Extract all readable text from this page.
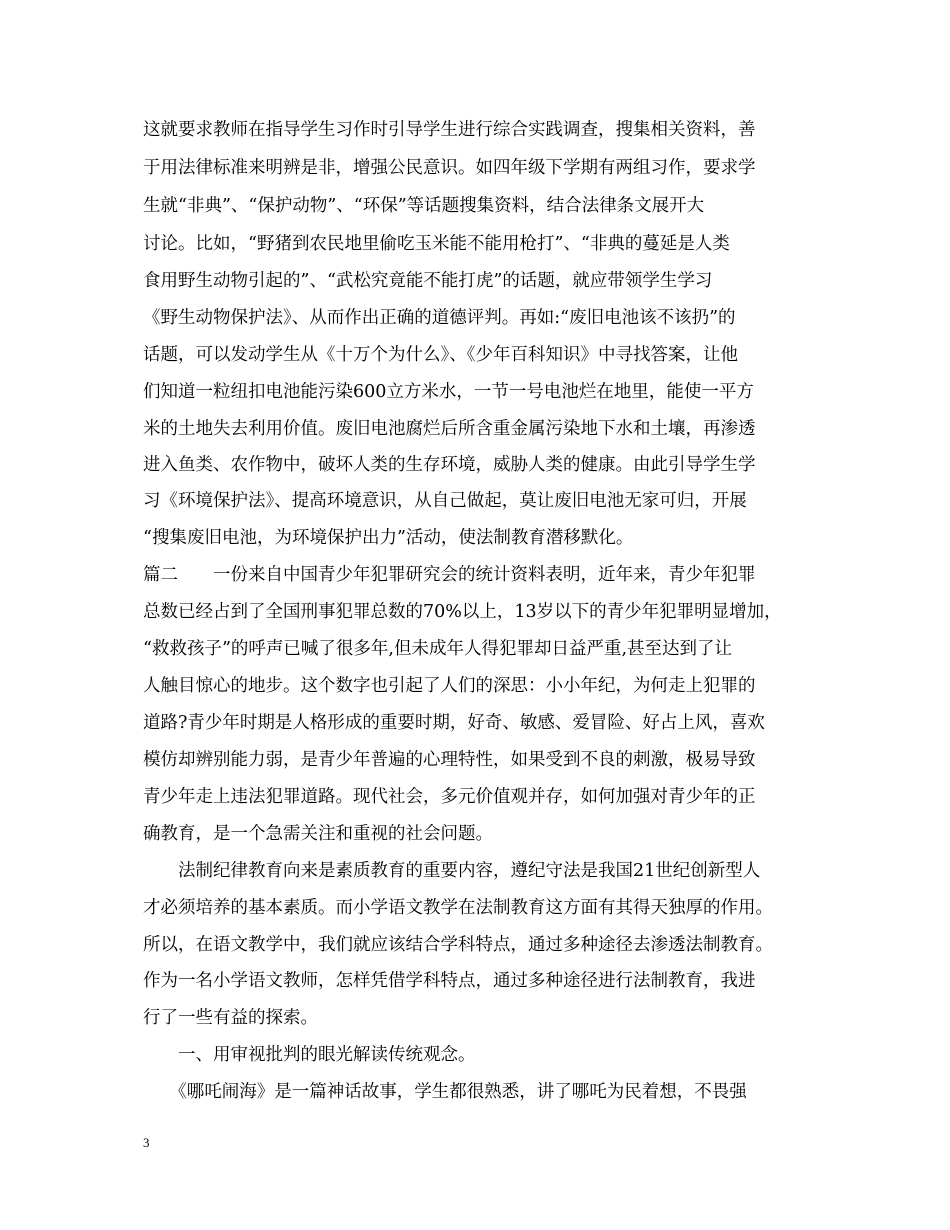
这就要求教师在指导学生习作时引导学生进行综合实践调查，搜集相关资料，善
于用法律标准来明辨是非，增强公民意识。如四年级下学期有两组习作，要求学
生就“非典”、“保护动物”、“环保”等话题搜集资料，结合法律条文展开大
讨论。比如，“野猪到农民地里偷吃玉米能不能用枪打”、“非典的蔓延是人类
食用野生动物引起的”、“武松究竟能不能打虎”的话题，就应带领学生学习
《野生动物保护法》、从而作出正确的道德评判。再如:“废旧电池该不该扔”的
话题，可以发动学生从《十万个为什么》、《少年百科知识》中寻找答案，让他
们知道一粒纽扣电池能污染600立方米水，一节一号电池烂在地里，能使一平方
米的土地失去利用价值。废旧电池腐烂后所含重金属污染地下水和土壤，再渗透
进入鱼类、农作物中，破坏人类的生存环境，威胁人类的健康。由此引导学生学
习《环境保护法》、提高环境意识，从自己做起，莫让废旧电池无家可归，开展
“搜集废旧电池，为环境保护出力”活动，使法制教育潜移默化。
篇二　　一份来自中国青少年犯罪研究会的统计资料表明，近年来，青少年犯罪
总数已经占到了全国刑事犯罪总数的70%以上，13岁以下的青少年犯罪明显增加，
“救救孩子”的呼声已喊了很多年,但未成年人得犯罪却日益严重,甚至达到了让
人触目惊心的地步。这个数字也引起了人们的深思：小小年纪，为何走上犯罪的
道路?青少年时期是人格形成的重要时期，好奇、敏感、爱冒险、好占上风，喜欢
模仿却辨别能力弱，是青少年普遍的心理特性，如果受到不良的刺激，极易导致
青少年走上违法犯罪道路。现代社会，多元价值观并存，如何加强对青少年的正
确教育，是一个急需关注和重视的社会问题。
　　法制纪律教育向来是素质教育的重要内容，遵纪守法是我国21世纪创新型人
才必须培养的基本素质。而小学语文教学在法制教育这方面有其得天独厚的作用。
所以，在语文教学中，我们就应该结合学科特点，通过多种途径去渗透法制教育。
作为一名小学语文教师，怎样凭借学科特点，通过多种途径进行法制教育，我进
行了一些有益的探索。
　　一、用审视批判的眼光解读传统观念。
　　《哪吒闹海》是一篇神话故事，学生都很熟悉，讲了哪吒为民着想，不畏强
3
